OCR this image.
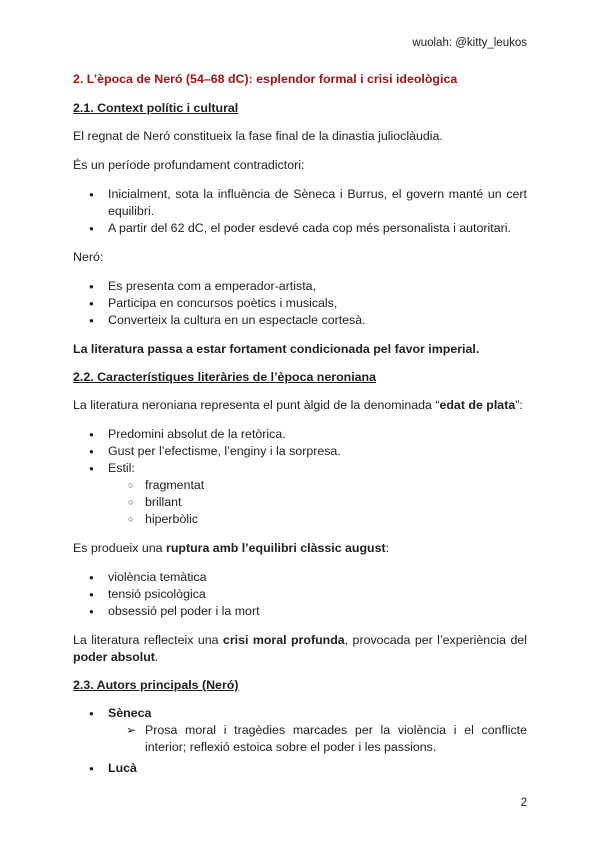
wuolah: @kitty_leukos
2. L’època de Neró (54–68 dC): esplendor formal i crisi ideològica
2.1. Context polític i cultural

El regnat de Neró constitueix la fase final de la dinastia julioclàudia.

És un període profundament contradictori:

● Inicialment, sota la influència de Sèneca i Burrus, el govern manté un cert equilibri.
● A partir del 62 dC, el poder esdevé cada cop més personalista i autoritari.

Neró:

● Es presenta com a emperador-artista,
● Participa en concursos poètics i musicals,
● Converteix la cultura en un espectacle cortesà.

La literatura passa a estar fortament condicionada pel favor imperial.

2.2. Característiques literàries de l’època neroniana

La literatura neroniana representa el punt àlgid de la denominada “edat de plata”:

● Predomini absolut de la retòrica.
● Gust per l’efectisme, l’enginy i la sorpresa.
● Estil:
○ fragmentat
○ brillant
○ hiperbòlic

Es produeix una ruptura amb l’equilibri clàssic august:

● violència temàtica
● tensió psicològica
● obsessió pel poder i la mort

La literatura reflecteix una crisi moral profunda, provocada per l’experiència del poder absolut.

2.3. Autors principals (Neró)
● Sèneca
➢ Prosa moral i tragèdies marcades per la violència i el conflicte interior; reflexió estoica sobre el poder i les passions.
● Lucà
2
